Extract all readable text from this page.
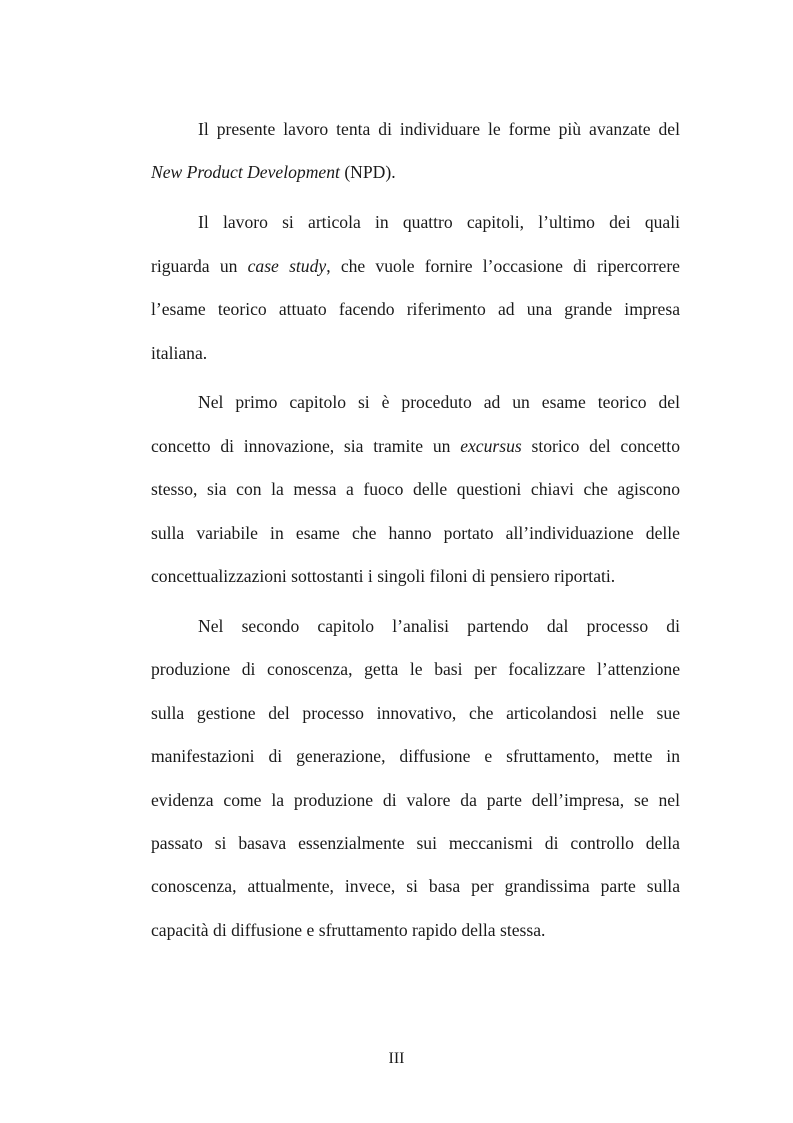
Il presente lavoro tenta di individuare le forme più avanzate del
New Product Development (NPD).
Il lavoro si articola in quattro capitoli, l’ultimo dei quali
riguarda un case study, che vuole fornire l’occasione di ripercorrere
l’esame teorico attuato facendo riferimento ad una grande impresa
italiana.
Nel primo capitolo si è proceduto ad un esame teorico del
concetto di innovazione, sia tramite un excursus storico del concetto
stesso, sia con la messa a fuoco delle questioni chiavi che agiscono
sulla variabile in esame che hanno portato all’individuazione delle
concettualizzazioni sottostanti i singoli filoni di pensiero riportati.
Nel secondo capitolo l’analisi partendo dal processo di
produzione di conoscenza, getta le basi per focalizzare l’attenzione
sulla gestione del processo innovativo, che articolandosi nelle sue
manifestazioni di generazione, diffusione e sfruttamento, mette in
evidenza come la produzione di valore da parte dell’impresa, se nel
passato si basava essenzialmente sui meccanismi di controllo della
conoscenza, attualmente, invece, si basa per grandissima parte sulla
capacità di diffusione e sfruttamento rapido della stessa.
III
